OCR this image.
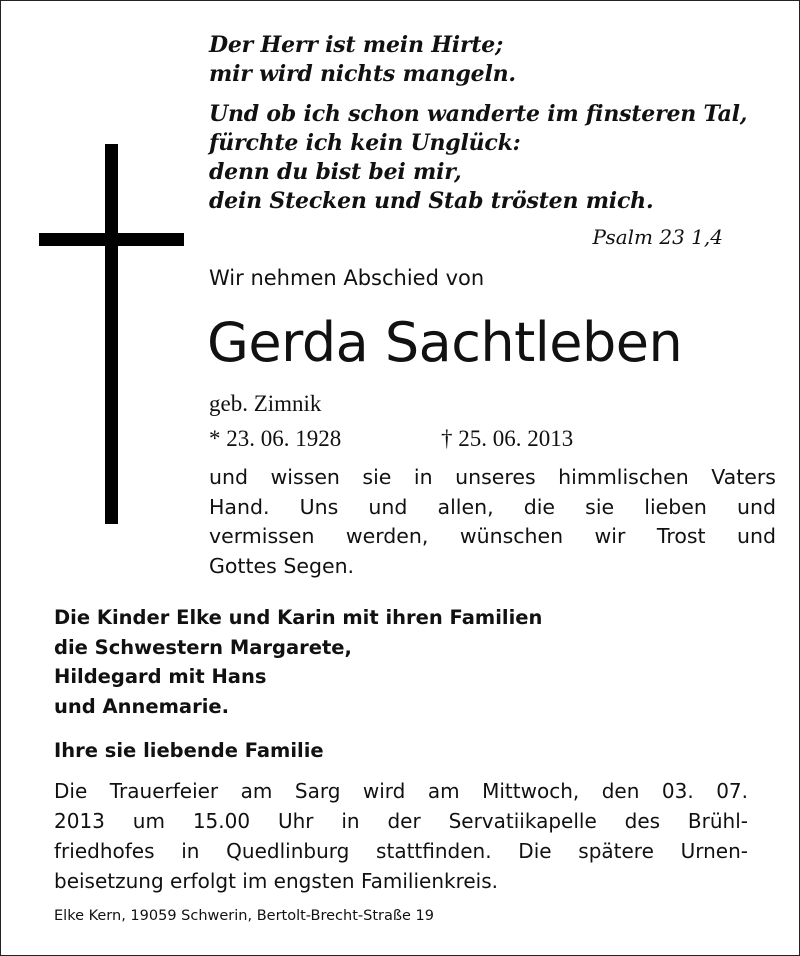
Der Herr ist mein Hirte;
mir wird nichts mangeln.
Und ob ich schon wanderte im finsteren Tal,
fürchte ich kein Unglück:
denn du bist bei mir,
dein Stecken und Stab trösten mich.
Psalm 23 1,4
Wir nehmen Abschied von
Gerda Sachtleben
geb. Zimnik
* 23. 06. 1928	† 25. 06. 2013
und wissen sie in unseres himmlischen Vaters
Hand. Uns und allen, die sie lieben und
vermissen werden, wünschen wir Trost und
Gottes Segen.
Die Kinder Elke und Karin mit ihren Familien
die Schwestern Margarete,
Hildegard mit Hans
und Annemarie.
Ihre sie liebende Familie
Die Trauerfeier am Sarg wird am Mittwoch, den 03. 07.
2013 um 15.00 Uhr in der Servatiikapelle des Brühl-
friedhofes in Quedlinburg stattfinden. Die spätere Urnen-
beisetzung erfolgt im engsten Familienkreis.
Elke Kern, 19059 Schwerin, Bertolt-Brecht-Straße 19
